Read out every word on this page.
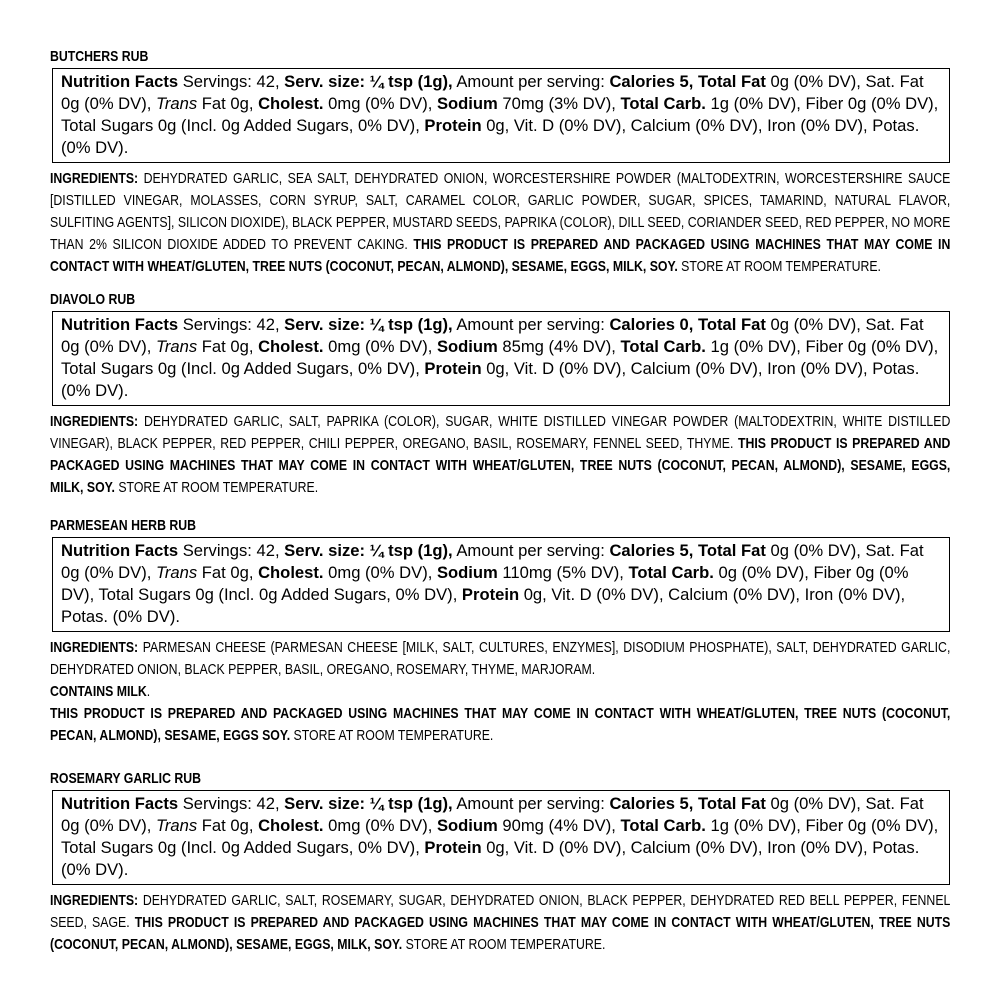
BUTCHERS RUB
Nutrition Facts Servings: 42, Serv. size: ¼ tsp (1g), Amount per serving: Calories 5, Total Fat 0g (0% DV), Sat. Fat 0g (0% DV), Trans Fat 0g, Cholest. 0mg (0% DV), Sodium 70mg (3% DV), Total Carb. 1g (0% DV), Fiber 0g (0% DV), Total Sugars 0g (Incl. 0g Added Sugars, 0% DV), Protein 0g, Vit. D (0% DV), Calcium (0% DV), Iron (0% DV), Potas. (0% DV).

INGREDIENTS: DEHYDRATED GARLIC, SEA SALT, DEHYDRATED ONION, WORCESTERSHIRE POWDER (MALTODEXTRIN, WORCESTERSHIRE SAUCE [DISTILLED VINEGAR, MOLASSES, CORN SYRUP, SALT, CARAMEL COLOR, GARLIC POWDER, SUGAR, SPICES, TAMARIND, NATURAL FLAVOR, SULFITING AGENTS], SILICON DIOXIDE), BLACK PEPPER, MUSTARD SEEDS, PAPRIKA (COLOR), DILL SEED, CORIANDER SEED, RED PEPPER, NO MORE THAN 2% SILICON DIOXIDE ADDED TO PREVENT CAKING. THIS PRODUCT IS PREPARED AND PACKAGED USING MACHINES THAT MAY COME IN CONTACT WITH WHEAT/GLUTEN, TREE NUTS (COCONUT, PECAN, ALMOND), SESAME, EGGS, MILK, SOY. STORE AT ROOM TEMPERATURE.

DIAVOLO RUB
Nutrition Facts Servings: 42, Serv. size: ¼ tsp (1g), Amount per serving: Calories 0, Total Fat 0g (0% DV), Sat. Fat 0g (0% DV), Trans Fat 0g, Cholest. 0mg (0% DV), Sodium 85mg (4% DV), Total Carb. 1g (0% DV), Fiber 0g (0% DV), Total Sugars 0g (Incl. 0g Added Sugars, 0% DV), Protein 0g, Vit. D (0% DV), Calcium (0% DV), Iron (0% DV), Potas. (0% DV).

INGREDIENTS: DEHYDRATED GARLIC, SALT, PAPRIKA (COLOR), SUGAR, WHITE DISTILLED VINEGAR POWDER (MALTODEXTRIN, WHITE DISTILLED VINEGAR), BLACK PEPPER, RED PEPPER, CHILI PEPPER, OREGANO, BASIL, ROSEMARY, FENNEL SEED, THYME. THIS PRODUCT IS PREPARED AND PACKAGED USING MACHINES THAT MAY COME IN CONTACT WITH WHEAT/GLUTEN, TREE NUTS (COCONUT, PECAN, ALMOND), SESAME, EGGS, MILK, SOY. STORE AT ROOM TEMPERATURE.

PARMESEAN HERB RUB
Nutrition Facts Servings: 42, Serv. size: ¼ tsp (1g), Amount per serving: Calories 5, Total Fat 0g (0% DV), Sat. Fat 0g (0% DV), Trans Fat 0g, Cholest. 0mg (0% DV), Sodium 110mg (5% DV), Total Carb. 0g (0% DV), Fiber 0g (0% DV), Total Sugars 0g (Incl. 0g Added Sugars, 0% DV), Protein 0g, Vit. D (0% DV), Calcium (0% DV), Iron (0% DV), Potas. (0% DV).

INGREDIENTS: PARMESAN CHEESE (PARMESAN CHEESE [MILK, SALT, CULTURES, ENZYMES], DISODIUM PHOSPHATE), SALT, DEHYDRATED GARLIC, DEHYDRATED ONION, BLACK PEPPER, BASIL, OREGANO, ROSEMARY, THYME, MARJORAM.

CONTAINS MILK.

THIS PRODUCT IS PREPARED AND PACKAGED USING MACHINES THAT MAY COME IN CONTACT WITH WHEAT/GLUTEN, TREE NUTS (COCONUT, PECAN, ALMOND), SESAME, EGGS SOY. STORE AT ROOM TEMPERATURE.

ROSEMARY GARLIC RUB
Nutrition Facts Servings: 42, Serv. size: ¼ tsp (1g), Amount per serving: Calories 5, Total Fat 0g (0% DV), Sat. Fat 0g (0% DV), Trans Fat 0g, Cholest. 0mg (0% DV), Sodium 90mg (4% DV), Total Carb. 1g (0% DV), Fiber 0g (0% DV), Total Sugars 0g (Incl. 0g Added Sugars, 0% DV), Protein 0g, Vit. D (0% DV), Calcium (0% DV), Iron (0% DV), Potas. (0% DV).

INGREDIENTS: DEHYDRATED GARLIC, SALT, ROSEMARY, SUGAR, DEHYDRATED ONION, BLACK PEPPER, DEHYDRATED RED BELL PEPPER, FENNEL SEED, SAGE. THIS PRODUCT IS PREPARED AND PACKAGED USING MACHINES THAT MAY COME IN CONTACT WITH WHEAT/GLUTEN, TREE NUTS (COCONUT, PECAN, ALMOND), SESAME, EGGS, MILK, SOY. STORE AT ROOM TEMPERATURE.
